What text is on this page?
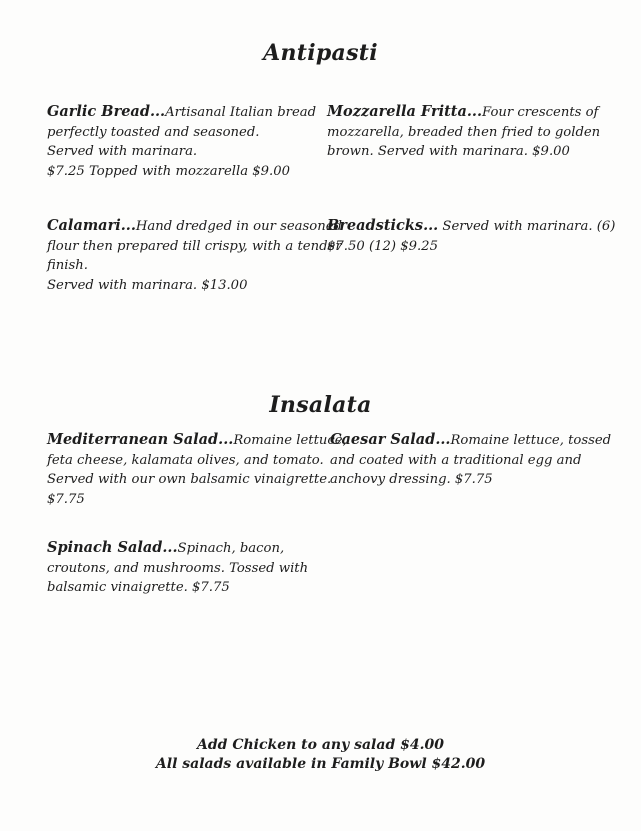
Antipasti
Garlic Bread...Artisanal Italian bread
perfectly toasted and seasoned.
Served with marinara.
$7.25 Topped with mozzarella $9.00
Mozzarella Fritta...Four crescents of
mozzarella, breaded then fried to golden
brown. Served with marinara. $9.00
Calamari...Hand dredged in our seasoned
flour then prepared till crispy, with a tender
finish.
Served with marinara. $13.00
Breadsticks... Served with marinara. (6)
$7.50 (12) $9.25
Insalata
Mediterranean Salad...Romaine lettuce,
feta cheese, kalamata olives, and tomato.
Served with our own balsamic vinaigrette.
$7.75
Caesar Salad...Romaine lettuce, tossed
and coated with a traditional egg and
anchovy dressing. $7.75
Spinach Salad...Spinach, bacon,
croutons, and mushrooms. Tossed with
balsamic vinaigrette. $7.75
Add Chicken to any salad $4.00
All salads available in Family Bowl $42.00
